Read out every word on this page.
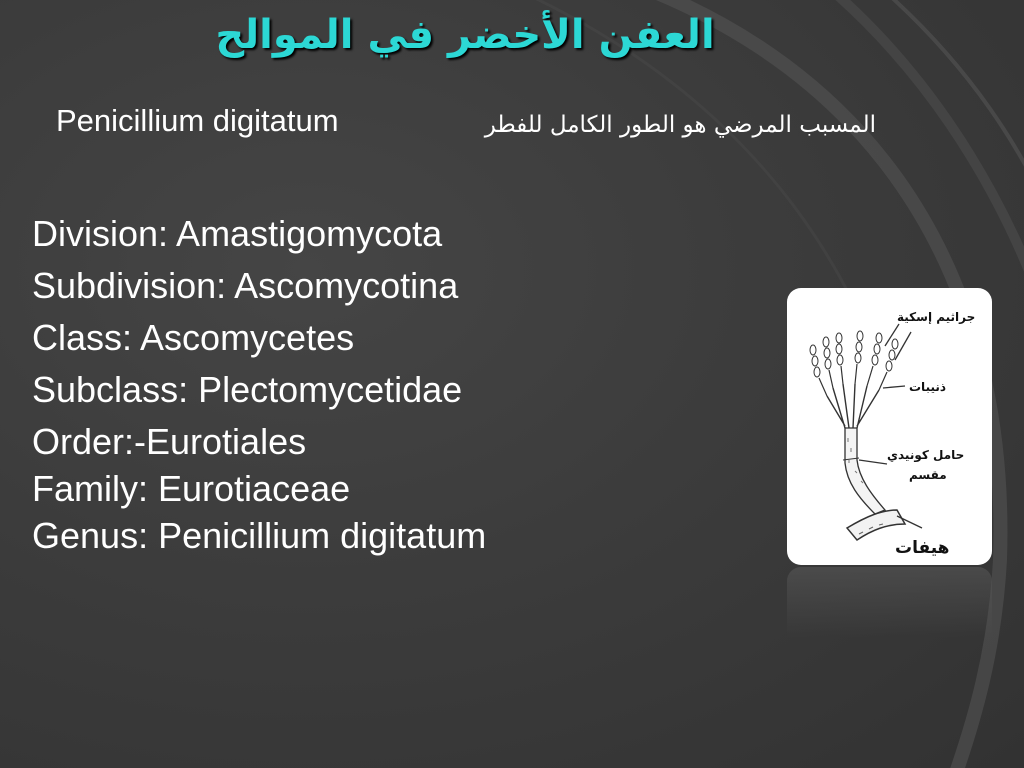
العفن الأخضر في الموالح
Penicillium digitatum	المسبب المرضي هو الطور الكامل للفطر
Division: Amastigomycota
Subdivision: Ascomycotina
Class: Ascomycetes
Subclass: Plectomycetidae
Order:-Eurotiales
Family: Eurotiaceae
Genus: Penicillium digitatum
جراثيم إسكية
ذنيبات
حامل كونيدي
مقسم
هيفات
